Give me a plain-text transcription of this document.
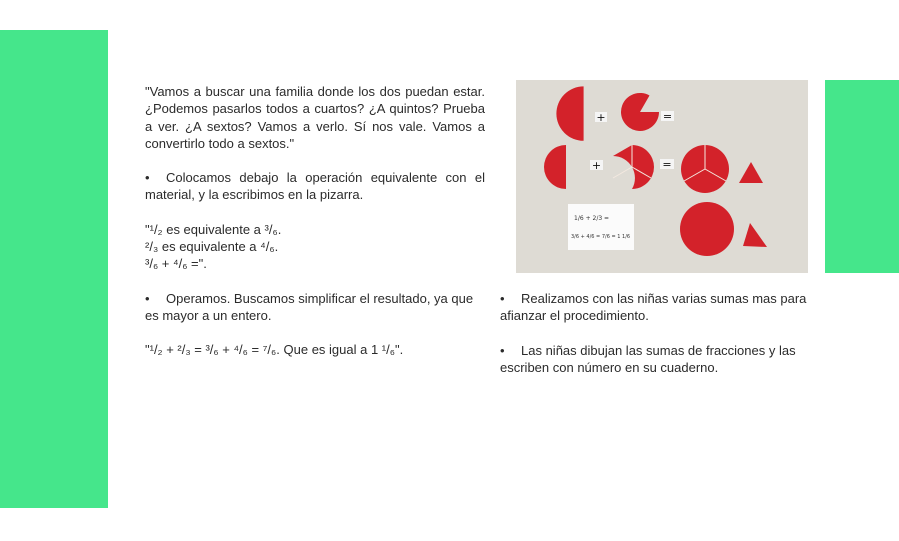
"Vamos a buscar una familia donde los dos puedan estar. ¿Podemos pasarlos todos a cuartos? ¿A quintos? Prueba a ver. ¿A sextos? Vamos a verlo. Sí nos vale. Vamos a convertirlo todo a sextos."

• Colocamos debajo la operación equivalente con el material, y la escribimos en la pizarra.

"¹/₂ es equivalente a ³/₆.

²/₃ es equivalente a ⁴/₆.

³/₆ + ⁴/₆ =".

• Operamos. Buscamos simplificar el resultado, ya que es mayor a un entero.

"¹/₂ + ²/₃ = ³/₆ + ⁴/₆ = ⁷/₆. Que es igual a 1 ¹/₆".

• Realizamos con las niñas varias sumas mas para afianzar el procedimiento.

• Las niñas dibujan las sumas de fracciones y las escriben con número en su cuaderno.

+	=
+	=
1/6 + 2/3 =
3/6 + 4/6 = 7/6 = 1 1/6
